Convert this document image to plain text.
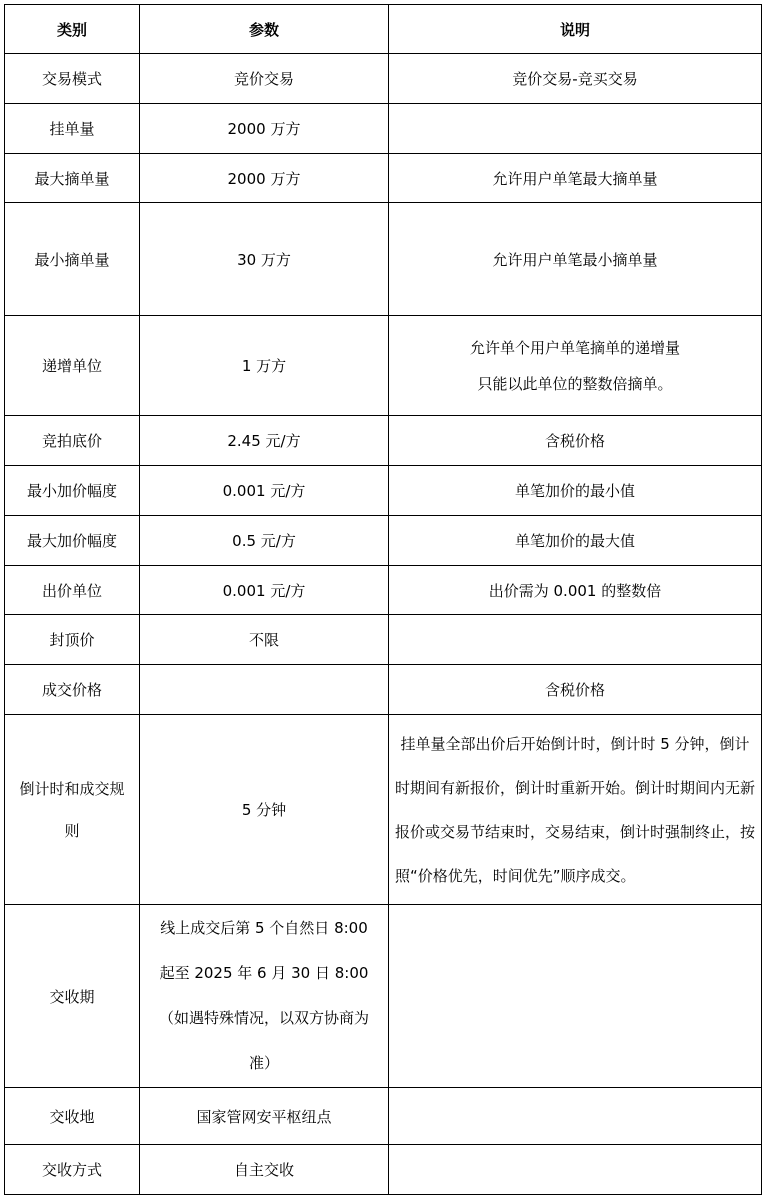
类别	参数	说明
交易模式	竞价交易	竞价交易-竞买交易
挂单量	2000 万方	
最大摘单量	2000 万方	允许用户单笔最大摘单量
最小摘单量	30 万方	允许用户单笔最小摘单量
递增单位	1 万方	允许单个用户单笔摘单的递增量
只能以此单位的整数倍摘单。

竞拍底价	2.45 元/方	含税价格
最小加价幅度	0.001 元/方	单笔加价的最小值
最大加价幅度	0.5 元/方	单笔加价的最大值
出价单位	0.001 元/方	出价需为 0.001 的整数倍
封顶价	不限	
成交价格		含税价格

倒计时和成交规
则	5 分钟	挂单量全部出价后开始倒计时，倒计时 5 分钟，倒计时期间有新报价，倒计时重新开始。倒计时期间内无新报价或交易节结束时，交易结束，倒计时强制终止，按照“价格优先，时间优先”顺序成交。
交收期	线上成交后第 5 个自然日 8:00
起至 2025 年 6 月 30 日 8:00
（如遇特殊情况，以双方协商为
准）	

交收地	国家管网安平枢纽点	
交收方式	自主交收	
